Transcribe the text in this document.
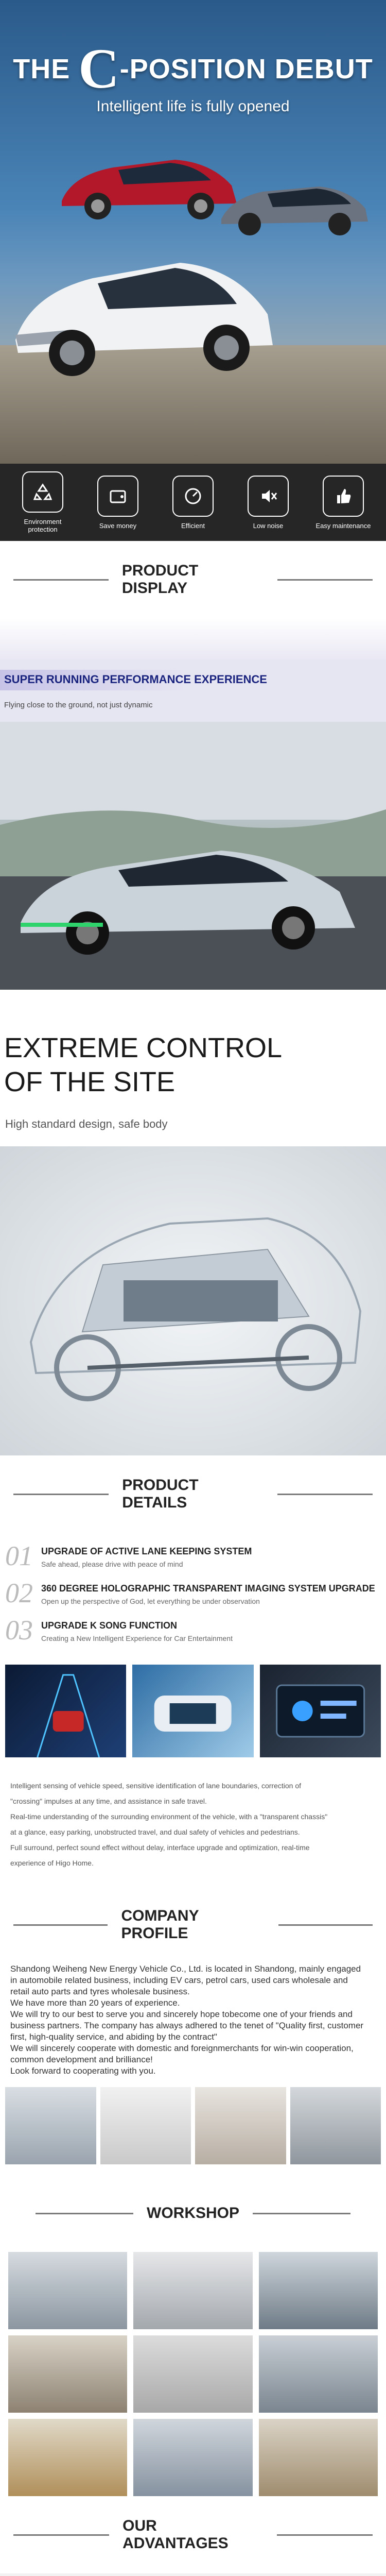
THE C-POSITION DEBUT
Intelligent life is fully opened
Environment protection	Save money	Efficient	Low noise	Easy maintenance
PRODUCT DISPLAY
SUPER RUNNING PERFORMANCE EXPERIENCE
Flying close to the ground, not just dynamic
EXTREME CONTROL
OF THE SITE
High standard design, safe body
PRODUCT DETAILS
01 UPGRADE OF ACTIVE LANE KEEPING SYSTEM
Safe ahead, please drive with peace of mind
02 360 DEGREE HOLOGRAPHIC TRANSPARENT IMAGING SYSTEM UPGRADE
Open up the perspective of God, let everything be under observation
03 UPGRADE K SONG FUNCTION
Creating a New Intelligent Experience for Car Entertainment
Intelligent sensing of vehicle speed, sensitive identification of lane boundaries, correction of
"crossing" impulses at any time, and assistance in safe travel.
Real-time understanding of the surrounding environment of the vehicle, with a "transparent chassis"
at a glance, easy parking, unobstructed travel, and dual safety of vehicles and pedestrians.
Full surround, perfect sound effect without delay, interface upgrade and optimization, real-time
experience of Higo Home.
COMPANY PROFILE
Shandong Weiheng New Energy Vehicle Co., Ltd. is located in Shandong, mainly engaged
in automobile related business, including EV cars, petrol cars, used cars wholesale and
retail auto parts and tyres wholesale business.
We have more than 20 years of experience.
We will try to our best to serve you and sincerely hope tobecome one of your friends and
business partners. The company has always adhered to the tenet of "Quality first, customer
first, high-quality service, and abiding by the contract"
We will sincerely cooperate with domestic and foreignmerchants for win-win cooperation,
common development and brilliance!
Look forward to cooperating with you.
WORKSHOP
OUR ADVANTAGES
